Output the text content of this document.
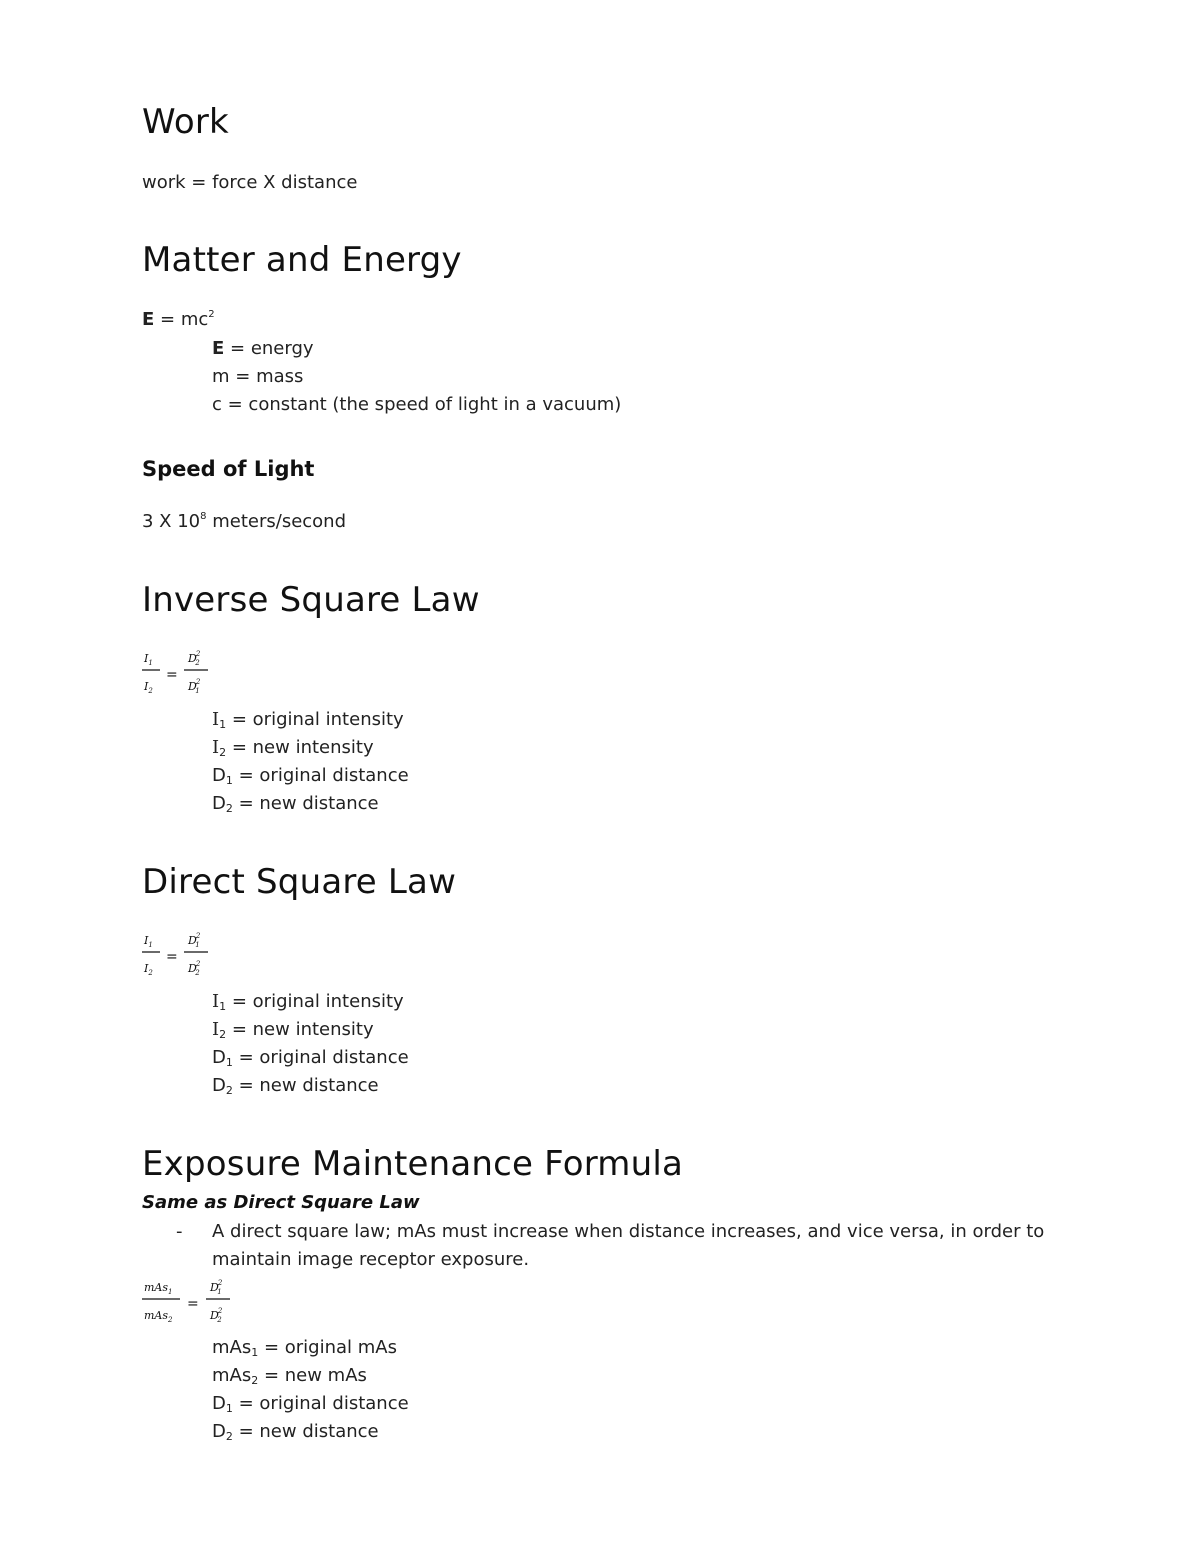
Work
work = force X distance
Matter and Energy
$E = mc^2$
E = energy
m = mass
c = constant (the speed of light in a vacuum)
Speed of Light
3 X $10^8$ meters/second
Inverse Square Law
$I_1$
$I_2$
=
D2 2
D2 1
$I_1$ = original intensity
$I_2$ = new intensity
$D_1$ = original distance
$D_2$ = new distance
Direct Square Law
$I_1$
$I_2$
=
D2 1
D2 2
$I_1$ = original intensity
$I_2$ = new intensity
$D_1$ = original distance
$D_2$ = new distance
Exposure Maintenance Formula
Same as Direct Square Law
- A direct square law; mAs must increase when distance increases, and vice versa, in order to
maintain image receptor exposure.
mAs$_1$
mAs$_2$
=
D2 1
D2 2
mAs$_1$ = original mAs
mAs$_2$ = new mAs
$D_1$ = original distance
$D_2$ = new distance
